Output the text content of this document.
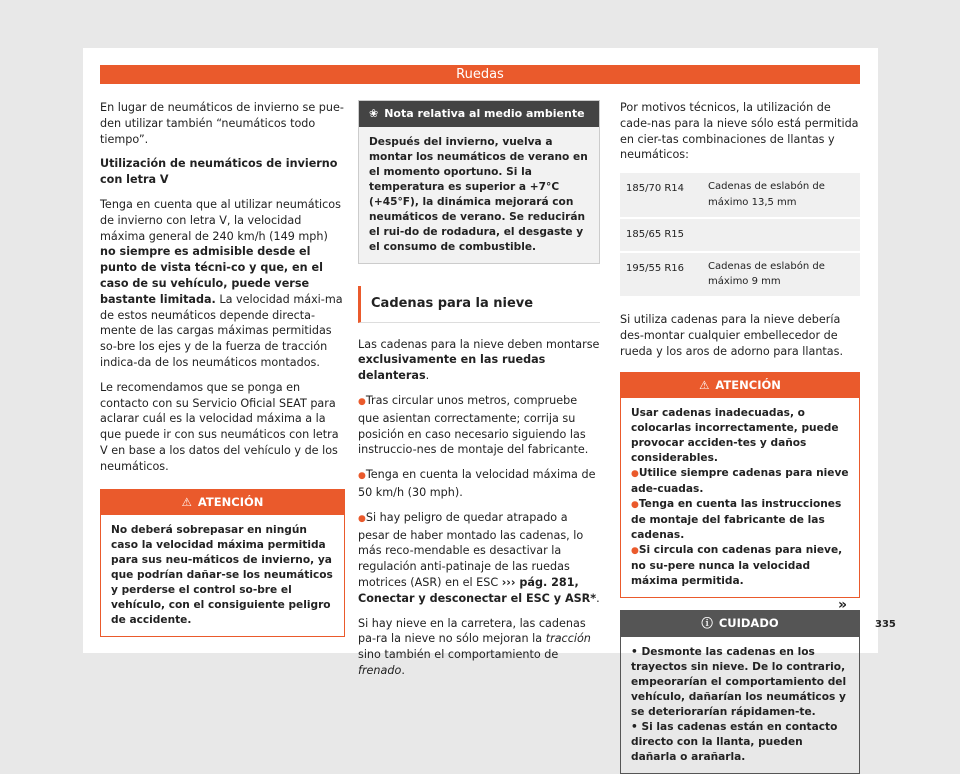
Ruedas

En lugar de neumáticos de invierno se pue-den utilizar también “neumáticos todo tiempo”.

Utilización de neumáticos de invierno con letra V

Tenga en cuenta que al utilizar neumáticos de invierno con letra V, la velocidad máxima general de 240 km/h (149 mph) no siempre es admisible desde el punto de vista técni-co y que, en el caso de su vehículo, puede verse bastante limitada. La velocidad máxi-ma de estos neumáticos depende directa-mente de las cargas máximas permitidas so-bre los ejes y de la fuerza de tracción indica-da de los neumáticos montados.

Le recomendamos que se ponga en contacto con su Servicio Oficial SEAT para aclarar cuál es la velocidad máxima a la que puede ir con sus neumáticos con letra V en base a los datos del vehículo y de los neumáticos.

⚠ ATENCIÓN
No deberá sobrepasar en ningún caso la velocidad máxima permitida para sus neu-máticos de invierno, ya que podrían dañar-se los neumáticos y perderse el control so-bre el vehículo, con el consiguiente peligro de accidente.
❀ Nota relativa al medio ambiente
Después del invierno, vuelva a montar los neumáticos de verano en el momento oportuno. Si la temperatura es superior a +7°C (+45°F), la dinámica mejorará con neumáticos de verano. Se reducirán el rui-do de rodadura, el desgaste y el consumo de combustible.
Cadenas para la nieve

Las cadenas para la nieve deben montarse exclusivamente en las ruedas delanteras.

● Tras circular unos metros, compruebe que asientan correctamente; corrija su posición en caso necesario siguiendo las instruccio-nes de montaje del fabricante.

● Tenga en cuenta la velocidad máxima de 50 km/h (30 mph).

● Si hay peligro de quedar atrapado a pesar de haber montado las cadenas, lo más reco-mendable es desactivar la regulación anti-patinaje de las ruedas motrices (ASR) en el ESC ››› pág. 281, Conectar y desconectar el ESC y ASR*.

Si hay nieve en la carretera, las cadenas pa-ra la nieve no sólo mejoran la tracción sino también el comportamiento de frenado.

Por motivos técnicos, la utilización de cade-nas para la nieve sólo está permitida en cier-tas combinaciones de llantas y neumáticos:

185/70 R14	Cadenas de eslabón de máximo 13,5 mm
185/65 R15
195/55 R16	Cadenas de eslabón de máximo 9 mm

Si utiliza cadenas para la nieve debería des-montar cualquier embellecedor de rueda y los aros de adorno para llantas.

⚠ ATENCIÓN
Usar cadenas inadecuadas, o colocarlas incorrectamente, puede provocar acciden-tes y daños considerables.
● Utilice siempre cadenas para nieve ade-cuadas.
● Tenga en cuenta las instrucciones de montaje del fabricante de las cadenas.
● Si circula con cadenas para nieve, no su-pere nunca la velocidad máxima permitida.
ⓘ CUIDADO
• Desmonte las cadenas en los trayectos sin nieve. De lo contrario, empeorarían el comportamiento del vehículo, dañarían los neumáticos y se deteriorarían rápidamen-te.
• Si las cadenas están en contacto directo con la llanta, pueden dañarla o arañarla.
»
335
